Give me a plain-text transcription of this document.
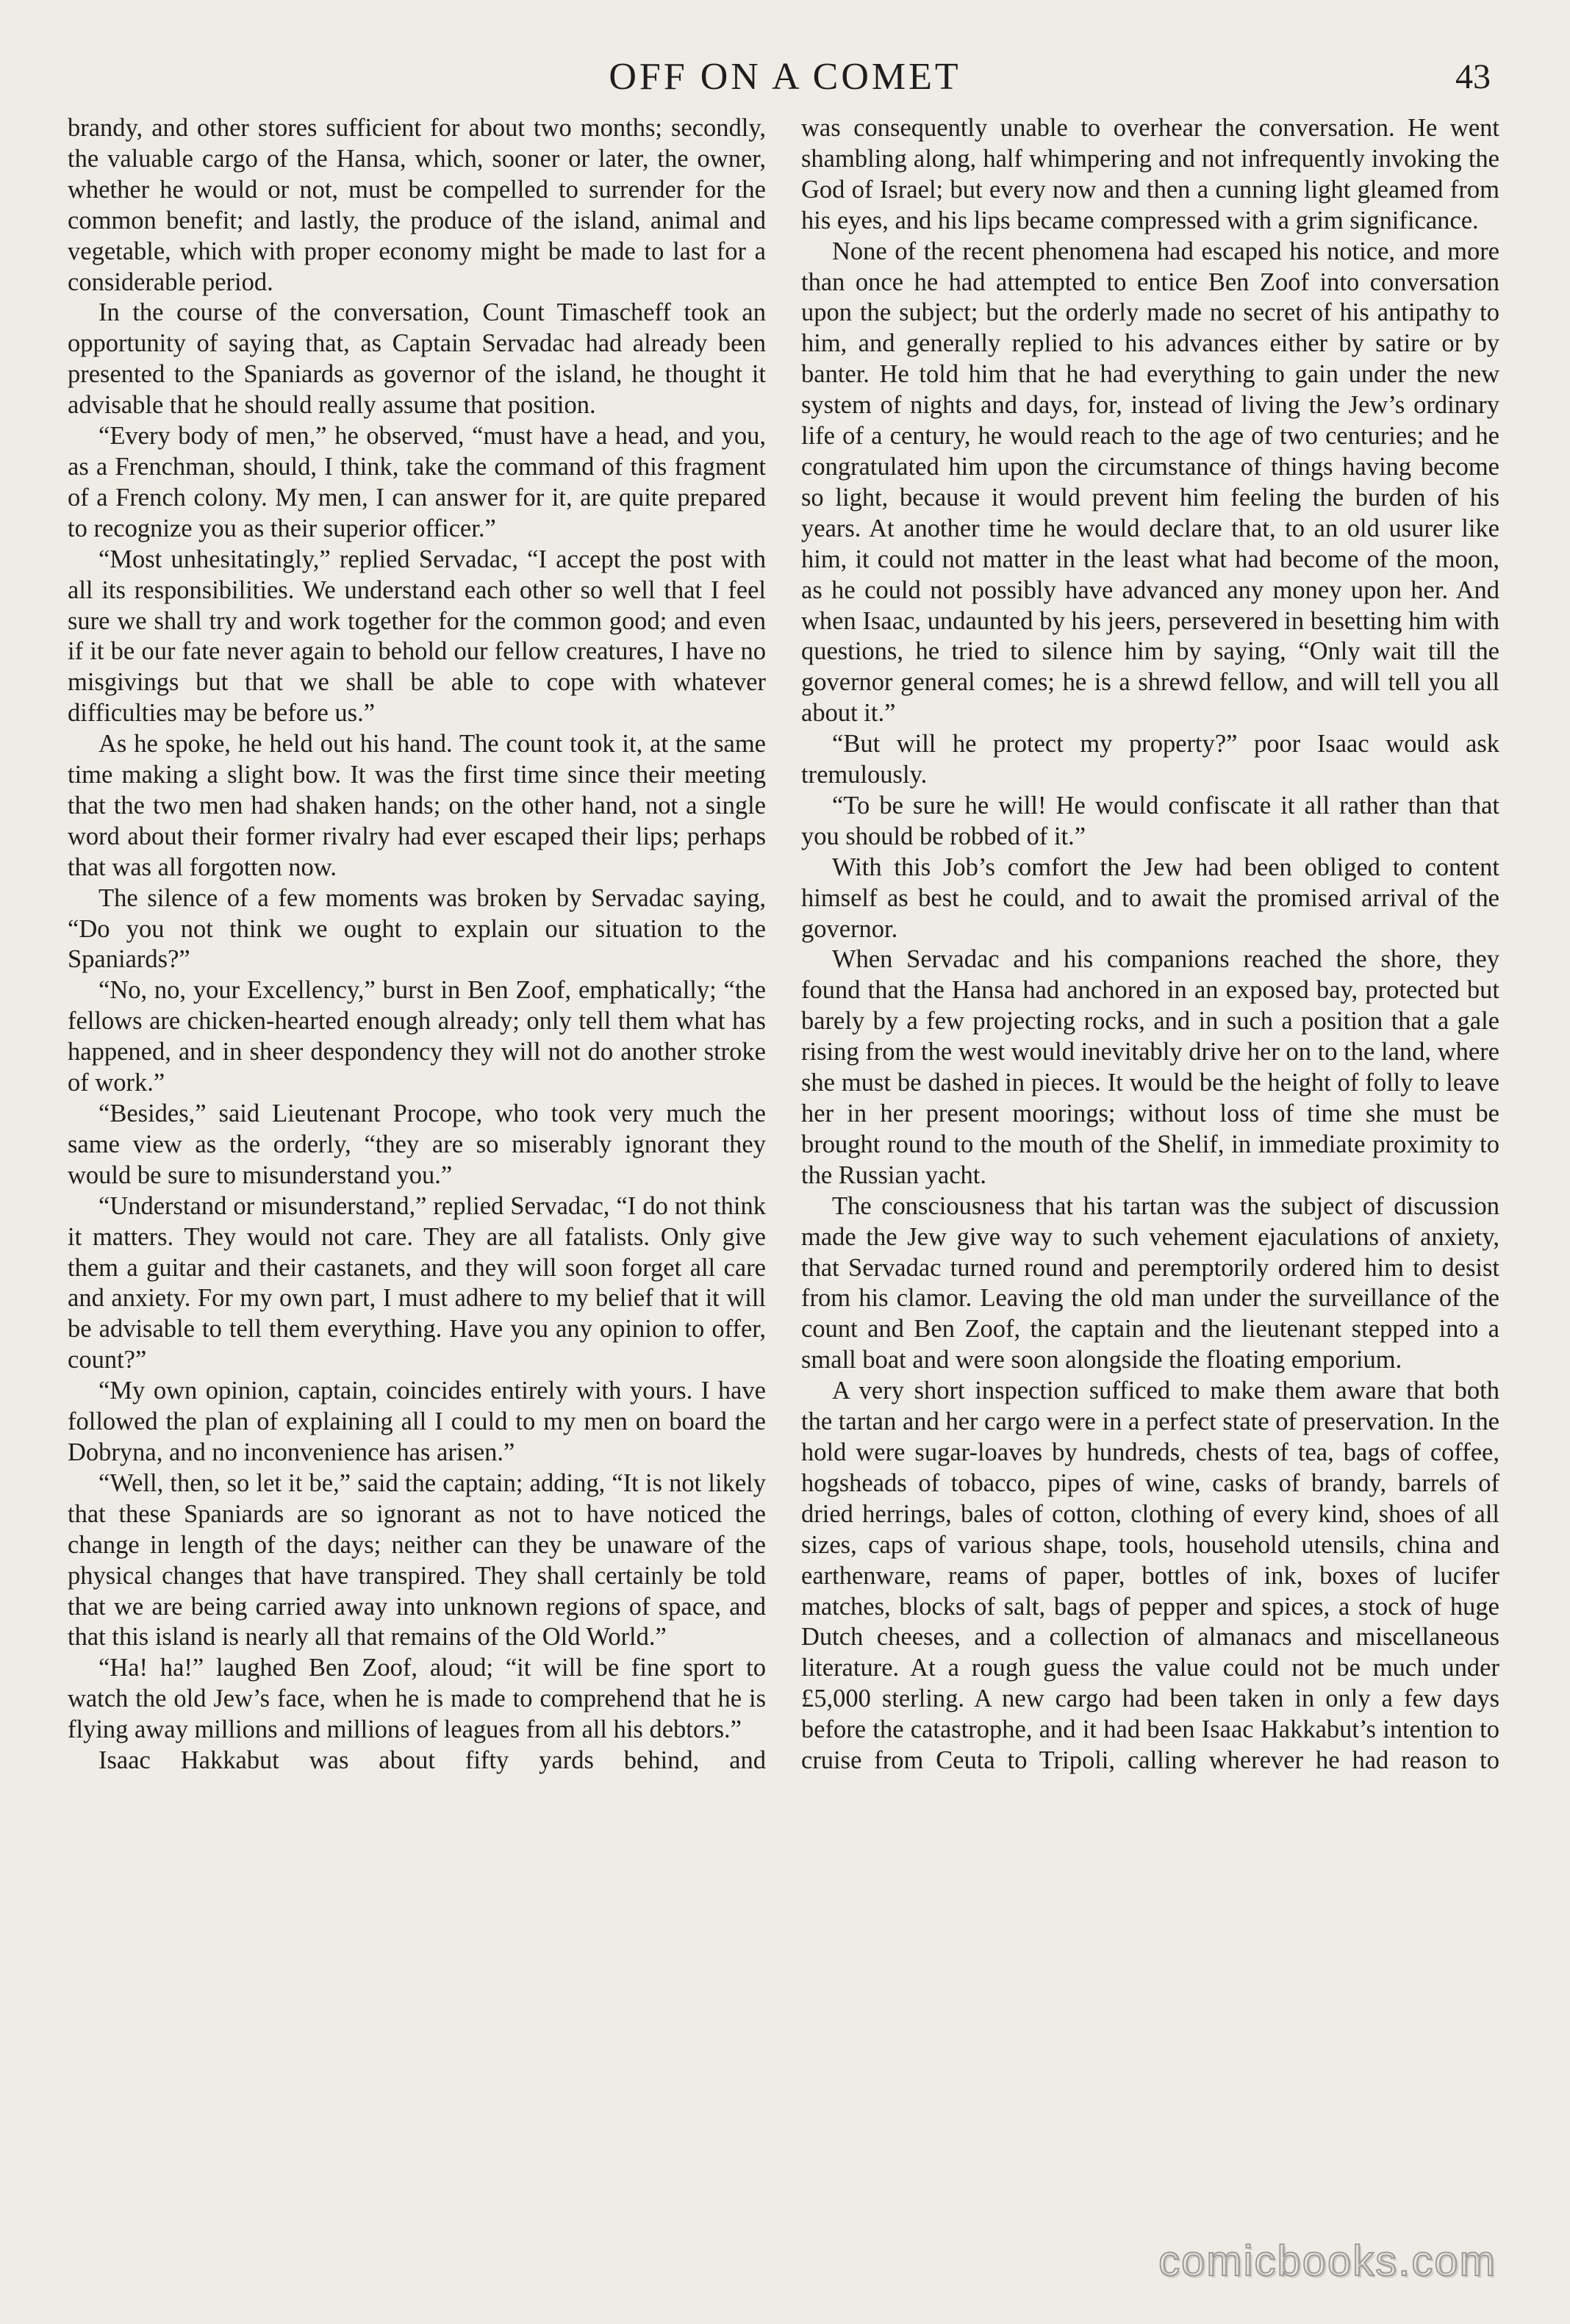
OFF ON A COMET	43

brandy, and other stores sufficient for about two months; secondly, the valuable cargo of the Hansa, which, sooner or later, the owner, whether he would or not, must be compelled to surrender for the common benefit; and lastly, the produce of the island, animal and vegetable, which with proper economy might be made to last for a considerable period.

In the course of the conversation, Count Timascheff took an opportunity of saying that, as Captain Servadac had already been presented to the Spaniards as governor of the island, he thought it advisable that he should really assume that position.

“Every body of men,” he observed, “must have a head, and you, as a Frenchman, should, I think, take the command of this fragment of a French colony. My men, I can answer for it, are quite prepared to recognize you as their superior officer.”

“Most unhesitatingly,” replied Servadac, “I accept the post with all its responsibilities. We understand each other so well that I feel sure we shall try and work together for the common good; and even if it be our fate never again to behold our fellow creatures, I have no misgivings but that we shall be able to cope with whatever difficulties may be before us.”

As he spoke, he held out his hand. The count took it, at the same time making a slight bow. It was the first time since their meeting that the two men had shaken hands; on the other hand, not a single word about their former rivalry had ever escaped their lips; perhaps that was all forgotten now.

The silence of a few moments was broken by Servadac saying, “Do you not think we ought to explain our situation to the Spaniards?”

“No, no, your Excellency,” burst in Ben Zoof, emphatically; “the fellows are chicken-hearted enough already; only tell them what has happened, and in sheer despondency they will not do another stroke of work.”

“Besides,” said Lieutenant Procope, who took very much the same view as the orderly, “they are so miserably ignorant they would be sure to misunderstand you.”

“Understand or misunderstand,” replied Servadac, “I do not think it matters. They would not care. They are all fatalists. Only give them a guitar and their castanets, and they will soon forget all care and anxiety. For my own part, I must adhere to my belief that it will be advisable to tell them everything. Have you any opinion to offer, count?”

“My own opinion, captain, coincides entirely with yours. I have followed the plan of explaining all I could to my men on board the Dobryna, and no inconvenience has arisen.”

“Well, then, so let it be,” said the captain; adding, “It is not likely that these Spaniards are so ignorant as not to have noticed the change in length of the days; neither can they be unaware of the physical changes that have transpired. They shall certainly be told that we are being carried away into unknown regions of space, and that this island is nearly all that remains of the Old World.”

“Ha! ha!” laughed Ben Zoof, aloud; “it will be fine sport to watch the old Jew’s face, when he is made to comprehend that he is flying away millions and millions of leagues from all his debtors.”

Isaac Hakkabut was about fifty yards behind, and

was consequently unable to overhear the conversation. He went shambling along, half whimpering and not infrequently invoking the God of Israel; but every now and then a cunning light gleamed from his eyes, and his lips became compressed with a grim significance.

None of the recent phenomena had escaped his notice, and more than once he had attempted to entice Ben Zoof into conversation upon the subject; but the orderly made no secret of his antipathy to him, and generally replied to his advances either by satire or by banter. He told him that he had everything to gain under the new system of nights and days, for, instead of living the Jew’s ordinary life of a century, he would reach to the age of two centuries; and he congratulated him upon the circumstance of things having become so light, because it would prevent him feeling the burden of his years. At another time he would declare that, to an old usurer like him, it could not matter in the least what had become of the moon, as he could not possibly have advanced any money upon her. And when Isaac, undaunted by his jeers, persevered in besetting him with questions, he tried to silence him by saying, “Only wait till the governor general comes; he is a shrewd fellow, and will tell you all about it.”

“But will he protect my property?” poor Isaac would ask tremulously.

“To be sure he will! He would confiscate it all rather than that you should be robbed of it.”

With this Job’s comfort the Jew had been obliged to content himself as best he could, and to await the promised arrival of the governor.

When Servadac and his companions reached the shore, they found that the Hansa had anchored in an exposed bay, protected but barely by a few projecting rocks, and in such a position that a gale rising from the west would inevitably drive her on to the land, where she must be dashed in pieces. It would be the height of folly to leave her in her present moorings; without loss of time she must be brought round to the mouth of the Shelif, in immediate proximity to the Russian yacht.

The consciousness that his tartan was the subject of discussion made the Jew give way to such vehement ejaculations of anxiety, that Servadac turned round and peremptorily ordered him to desist from his clamor. Leaving the old man under the surveillance of the count and Ben Zoof, the captain and the lieutenant stepped into a small boat and were soon alongside the floating emporium.

A very short inspection sufficed to make them aware that both the tartan and her cargo were in a perfect state of preservation. In the hold were sugar-loaves by hundreds, chests of tea, bags of coffee, hogsheads of tobacco, pipes of wine, casks of brandy, barrels of dried herrings, bales of cotton, clothing of every kind, shoes of all sizes, caps of various shape, tools, household utensils, china and earthenware, reams of paper, bottles of ink, boxes of lucifer matches, blocks of salt, bags of pepper and spices, a stock of huge Dutch cheeses, and a collection of almanacs and miscellaneous literature. At a rough guess the value could not be much under £5,000 sterling. A new cargo had been taken in only a few days before the catastrophe, and it had been Isaac Hakkabut’s intention to cruise from Ceuta to Tripoli, calling wherever he had reason to

comicbooks.com
